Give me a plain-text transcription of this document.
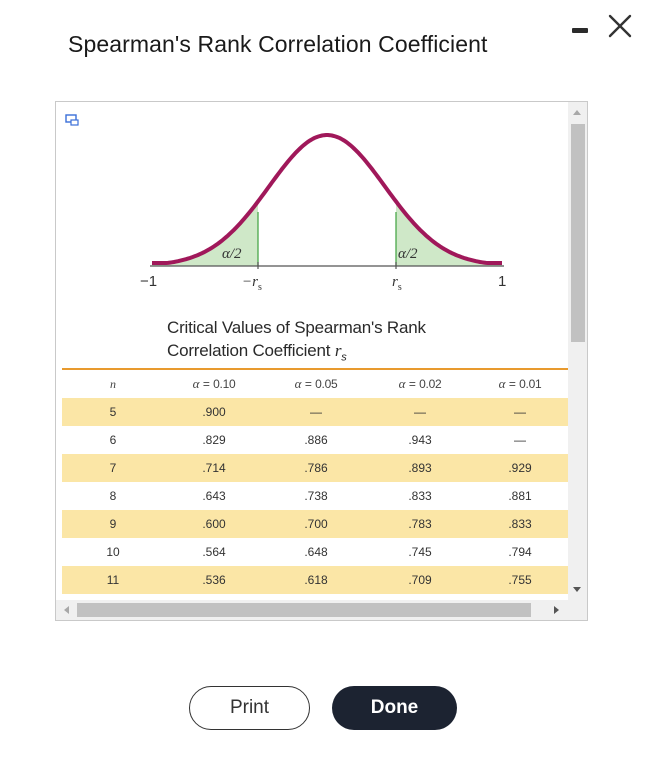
Spearman's Rank Correlation Coefficient
α/2	α/2
−1	1
$-r_s$	$r_s$
Critical Values of Spearman's Rank
Correlation Coefficient $r_s$
n	α = 0.10	α = 0.05	α = 0.02	α = 0.01
5	.900	—	—	—
6	.829	.886	.943	—
7	.714	.786	.893	.929
8	.643	.738	.833	.881
9	.600	.700	.783	.833
10	.564	.648	.745	.794
11	.536	.618	.709	.755
Print	Done
